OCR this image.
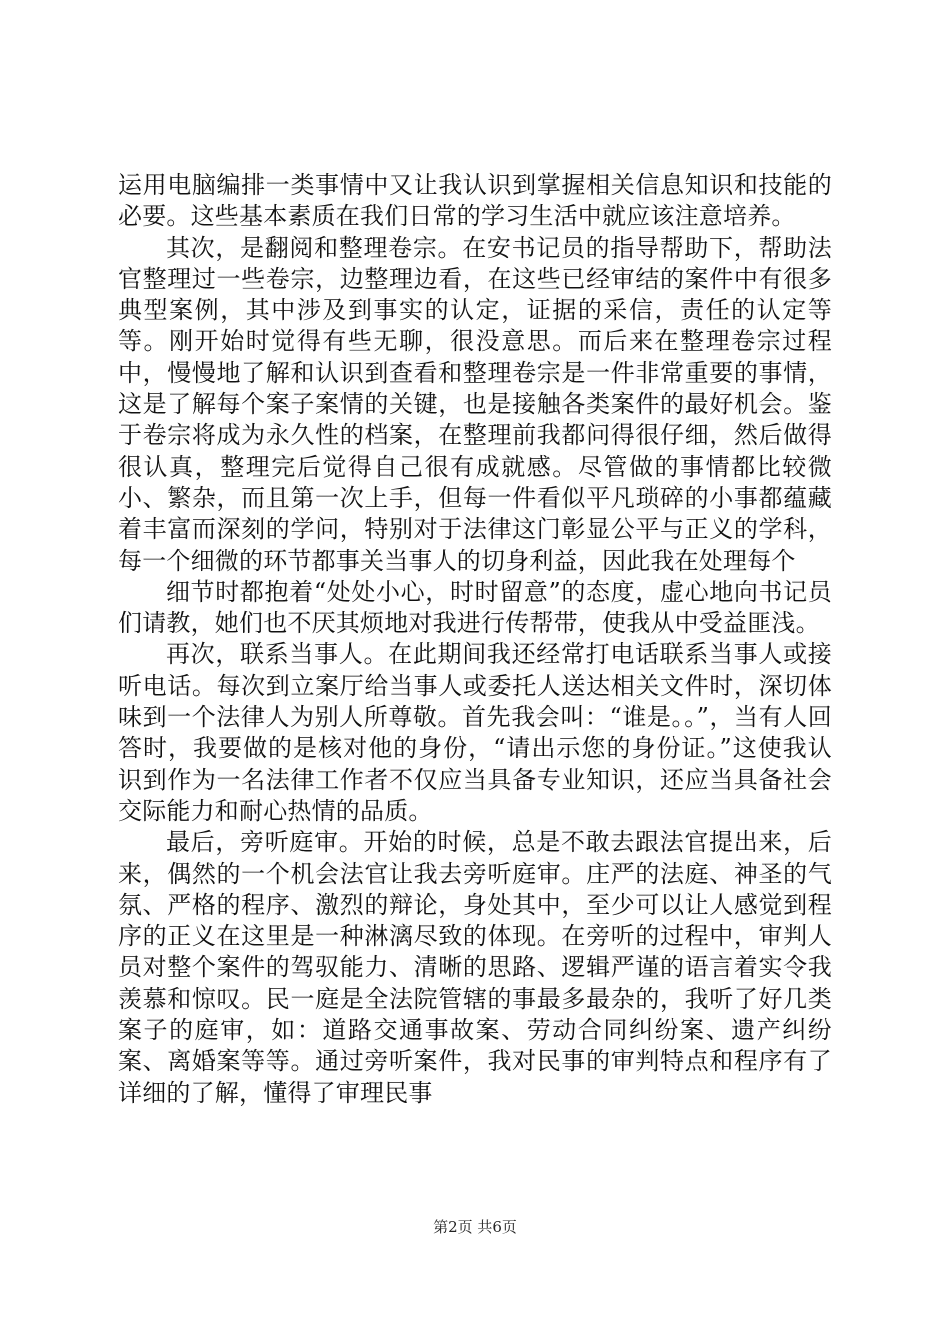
运用电脑编排一类事情中又让我认识到掌握相关信息知识和技能的必要。这些基本素质在我们日常的学习生活中就应该注意培养。

其次，是翻阅和整理卷宗。在安书记员的指导帮助下，帮助法官整理过一些卷宗，边整理边看，在这些已经审结的案件中有很多典型案例，其中涉及到事实的认定，证据的采信，责任的认定等等。刚开始时觉得有些无聊，很没意思。而后来在整理卷宗过程中，慢慢地了解和认识到查看和整理卷宗是一件非常重要的事情，这是了解每个案子案情的关键，也是接触各类案件的最好机会。鉴于卷宗将成为永久性的档案，在整理前我都问得很仔细，然后做得很认真，整理完后觉得自己很有成就感。尽管做的事情都比较微小、繁杂，而且第一次上手，但每一件看似平凡琐碎的小事都蕴藏着丰富而深刻的学问，特别对于法律这门彰显公平与正义的学科，每一个细微的环节都事关当事人的切身利益，因此我在处理每个

细节时都抱着“处处小心，时时留意”的态度，虚心地向书记员们请教，她们也不厌其烦地对我进行传帮带，使我从中受益匪浅。

再次，联系当事人。在此期间我还经常打电话联系当事人或接听电话。每次到立案厅给当事人或委托人送达相关文件时，深切体味到一个法律人为别人所尊敬。首先我会叫：“谁是。。”，当有人回答时，我要做的是核对他的身份，“请出示您的身份证。”这使我认识到作为一名法律工作者不仅应当具备专业知识，还应当具备社会交际能力和耐心热情的品质。

最后，旁听庭审。开始的时候，总是不敢去跟法官提出来，后来，偶然的一个机会法官让我去旁听庭审。庄严的法庭、神圣的气氛、严格的程序、激烈的辩论，身处其中，至少可以让人感觉到程序的正义在这里是一种淋漓尽致的体现。在旁听的过程中，审判人员对整个案件的驾驭能力、清晰的思路、逻辑严谨的语言着实令我羡慕和惊叹。民一庭是全法院管辖的事最多最杂的，我听了好几类案子的庭审，如：道路交通事故案、劳动合同纠纷案、遗产纠纷案、离婚案等等。通过旁听案件，我对民事的审判特点和程序有了详细的了解，懂得了审理民事

第2页 共6页
